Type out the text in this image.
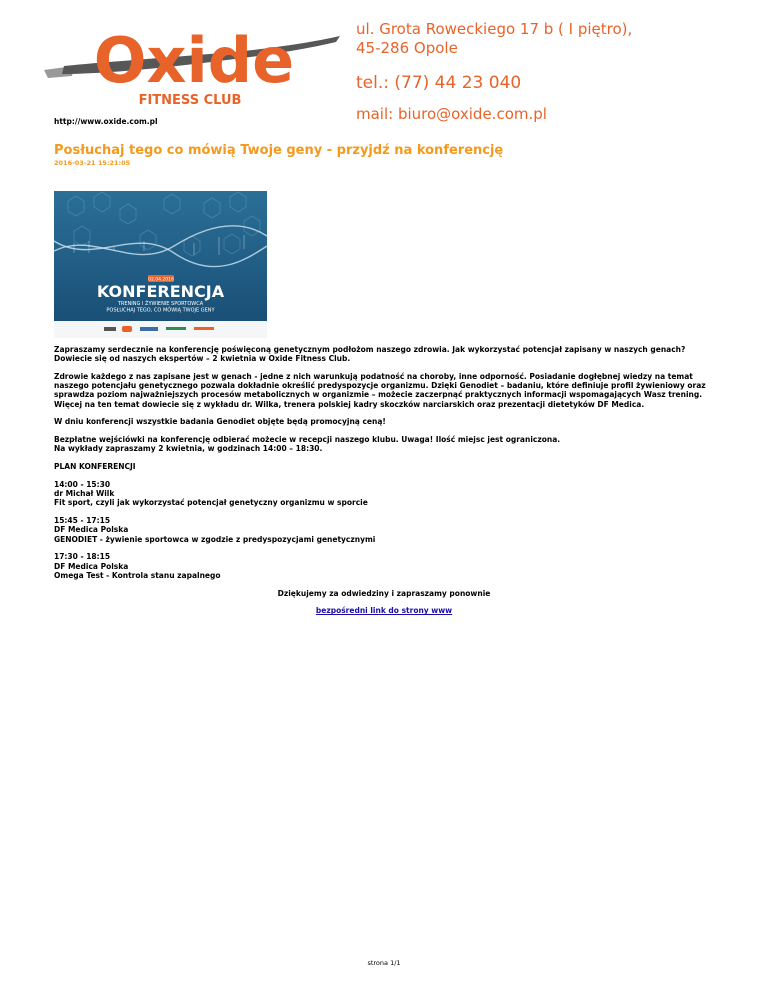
Oxide
FITNESS CLUB
ul. Grota Roweckiego 17 b ( I piętro),
45-286 Opole
tel.: (77) 44 23 040
mail: biuro@oxide.com.pl
http://www.oxide.com.pl
Posłuchaj tego co mówią Twoje geny - przyjdź na konferencję
2016-03-21 15:21:05
02.04.2016
KONFERENCJA
TRENING I ŻYWIENIE SPORTOWCA
POSŁUCHAJ TEGO, CO MÓWIĄ TWOJE GENY

Zapraszamy serdecznie na konferencję poświęconą genetycznym podłożom naszego zdrowia. Jak wykorzystać potencjał zapisany w naszych genach? Dowiecie się od naszych ekspertów – 2 kwietnia w Oxide Fitness Club.

Zdrowie każdego z nas zapisane jest w genach - jedne z nich warunkują podatność na choroby, inne odporność. Posiadanie dogłębnej wiedzy na temat naszego potencjału genetycznego pozwala dokładnie określić predyspozycje organizmu. Dzięki Genodiet – badaniu, które definiuje profil żywieniowy oraz sprawdza poziom najważniejszych procesów metabolicznych w organizmie – możecie zaczerpnąć praktycznych informacji wspomagających Wasz trening. Więcej na ten temat dowiecie się z wykładu dr. Wilka, trenera polskiej kadry skoczków narciarskich oraz prezentacji dietetyków DF Medica.

W dniu konferencji wszystkie badania Genodiet objęte będą promocyjną ceną!

Bezpłatne wejściówki na konferencję odbierać możecie w recepcji naszego klubu. Uwaga! Ilość miejsc jest ograniczona.
Na wykłady zapraszamy 2 kwietnia, w godzinach 14:00 – 18:30.

PLAN KONFERENCJI

14:00 - 15:30
dr Michał Wilk
Fit sport, czyli jak wykorzystać potencjał genetyczny organizmu w sporcie

15:45 - 17:15
DF Medica Polska
GENODIET - żywienie sportowca w zgodzie z predyspozycjami genetycznymi

17:30 - 18:15
DF Medica Polska
Omega Test - Kontrola stanu zapalnego

Dziękujemy za odwiedziny i zapraszamy ponownie

bezpośredni link do strony www

strona 1/1
